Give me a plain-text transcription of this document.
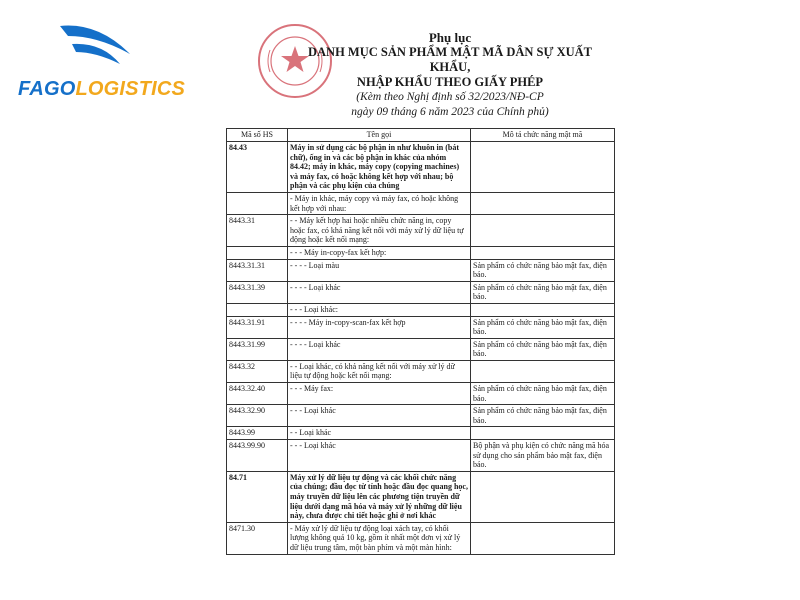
FAGOLOGISTICS
Phụ lục
DANH MỤC SẢN PHẨM MẬT MÃ DÂN SỰ XUẤT KHẨU,
NHẬP KHẨU THEO GIẤY PHÉP
(Kèm theo Nghị định số 32/2023/NĐ-CP
ngày 09 tháng 6 năm 2023 của Chính phủ)
Mã số HS	Tên gọi	Mô tả chức năng mật mã
84.43	Máy in sử dụng các bộ phận in như khuôn in (bát chữ), ống in và các bộ phận in khác của nhóm 84.42; máy in khác, máy copy (copying machines) và máy fax, có hoặc không kết hợp với nhau; bộ phận và các phụ kiện của chúng	
	- Máy in khác, máy copy và máy fax, có hoặc không kết hợp với nhau:	
8443.31	- - Máy kết hợp hai hoặc nhiều chức năng in, copy hoặc fax, có khả năng kết nối với máy xử lý dữ liệu tự động hoặc kết nối mạng:	
	- - - Máy in-copy-fax kết hợp:	
8443.31.31	- - - - Loại màu	Sản phẩm có chức năng bảo mật fax, điện báo.
8443.31.39	- - - - Loại khác	Sản phẩm có chức năng bảo mật fax, điện báo.
	- - - Loại khác:	
8443.31.91	- - - - Máy in-copy-scan-fax kết hợp	Sản phẩm có chức năng bảo mật fax, điện báo.
8443.31.99	- - - - Loại khác	Sản phẩm có chức năng bảo mật fax, điện báo.
8443.32	- - Loại khác, có khả năng kết nối với máy xử lý dữ liệu tự động hoặc kết nối mạng:	
8443.32.40	- - - Máy fax:	Sản phẩm có chức năng bảo mật fax, điện báo.
8443.32.90	- - - Loại khác	Sản phẩm có chức năng bảo mật fax, điện báo.
8443.99	- - Loại khác	
8443.99.90	- - - Loại khác	Bộ phận và phụ kiện có chức năng mã hóa sử dụng cho sản phẩm bảo mật fax, điện báo.
84.71	Máy xử lý dữ liệu tự động và các khối chức năng của chúng; đầu đọc từ tính hoặc đầu đọc quang học, máy truyền dữ liệu lên các phương tiện truyền dữ liệu dưới dạng mã hóa và máy xử lý những dữ liệu này, chưa được chi tiết hoặc ghi ở nơi khác	
8471.30	- Máy xử lý dữ liệu tự động loại xách tay, có khối lượng không quá 10 kg, gồm ít nhất một đơn vị xử lý dữ liệu trung tâm, một bàn phím và một màn hình:	
